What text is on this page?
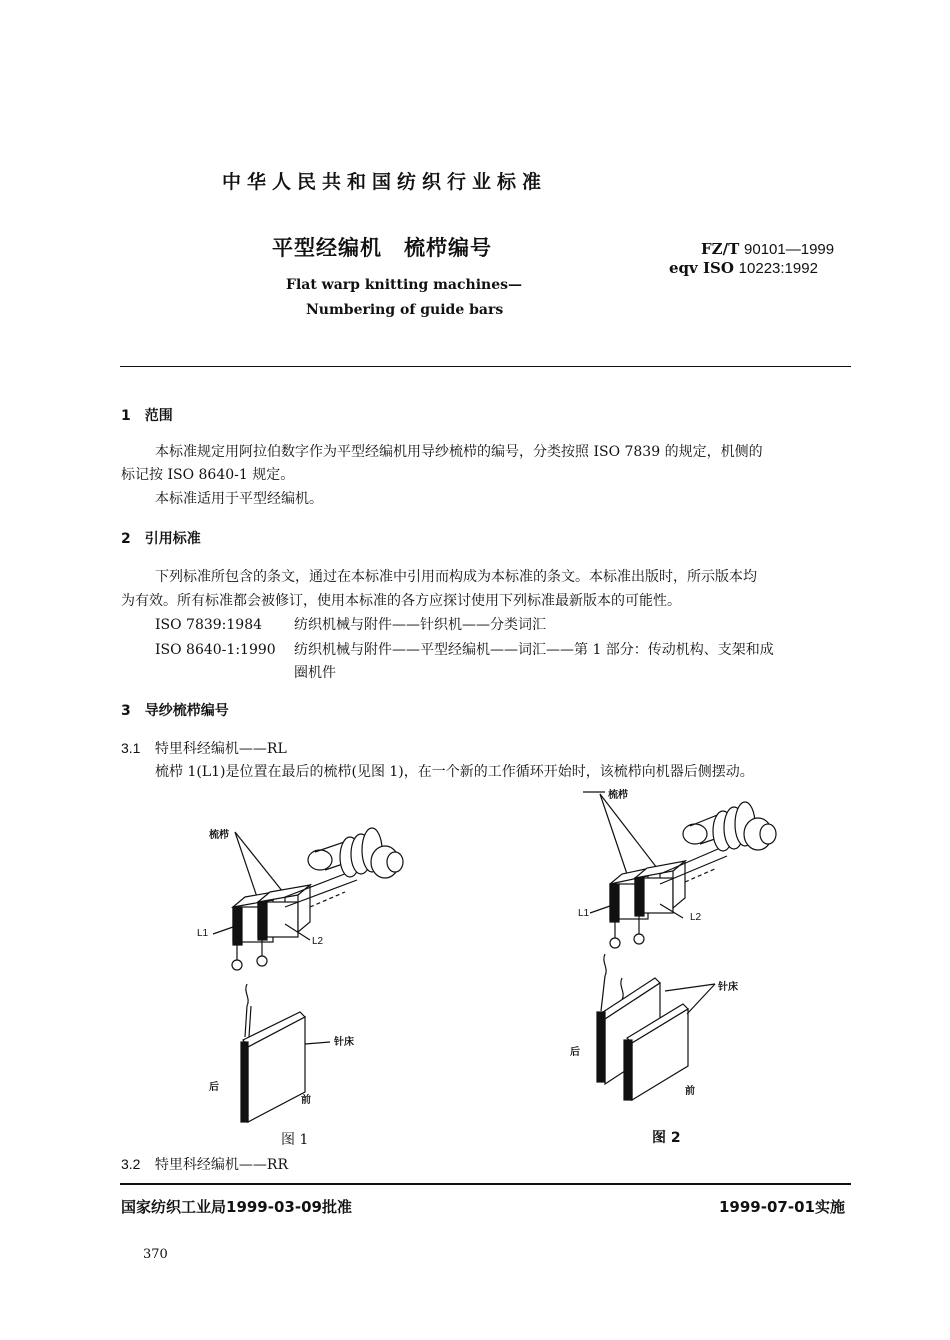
中华人民共和国纺织行业标准
平型经编机　梳栉编号
Flat warp knitting machines—
Numbering of guide bars
FZ/T 90101—1999
eqv ISO 10223:1992
1　范围
本标准规定用阿拉伯数字作为平型经编机用导纱梳栉的编号，分类按照 ISO 7839 的规定，机侧的
标记按 ISO 8640-1 规定。
本标准适用于平型经编机。
2　引用标准
下列标准所包含的条文，通过在本标准中引用而构成为本标准的条文。本标准出版时，所示版本均
为有效。所有标准都会被修订，使用本标准的各方应探讨使用下列标准最新版本的可能性。
ISO 7839:1984 纺织机械与附件——针织机——分类词汇
ISO 8640-1:1990 纺织机械与附件——平型经编机——词汇——第 1 部分：传动机构、支架和成
圈机件
3　导纱梳栉编号
3.1 特里科经编机——RL
梳栉 1(L1)是位置在最后的梳栉(见图 1)，在一个新的工作循环开始时，该梳栉向机器后侧摆动。
梳栉
L1
L2
针床
后
前
图 1
梳栉
L1	L2
针床
后
前
图 2
3.2 特里科经编机——RR
国家纺织工业局1999-03-09批准	1999-07-01实施
370
